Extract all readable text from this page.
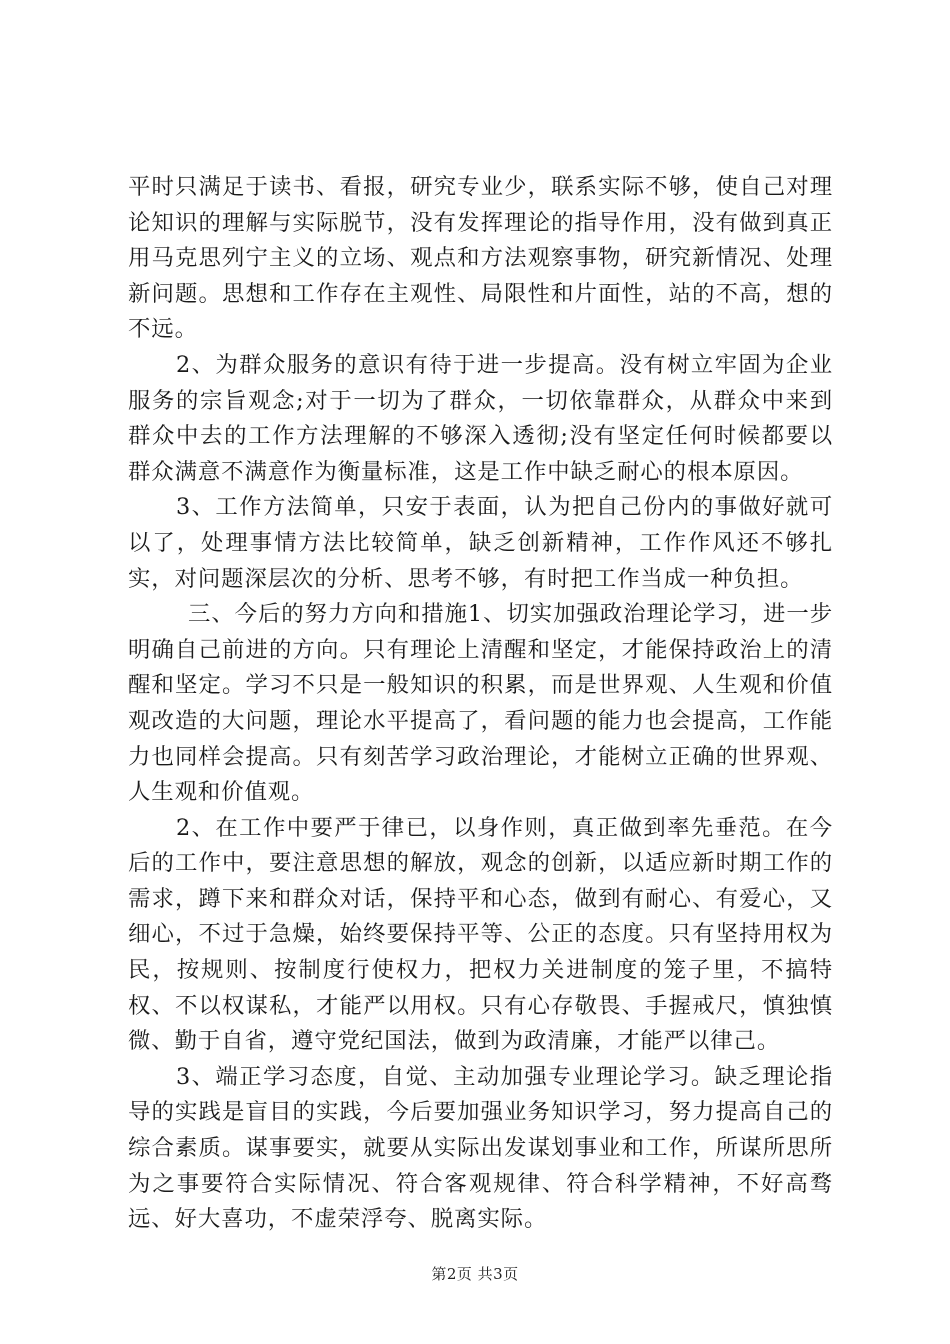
平时只满足于读书、看报，研究专业少，联系实际不够，使自己对理论知识的理解与实际脱节，没有发挥理论的指导作用，没有做到真正用马克思列宁主义的立场、观点和方法观察事物，研究新情况、处理新问题。思想和工作存在主观性、局限性和片面性，站的不高，想的不远。

2、为群众服务的意识有待于进一步提高。没有树立牢固为企业服务的宗旨观念;对于一切为了群众，一切依靠群众，从群众中来到群众中去的工作方法理解的不够深入透彻;没有坚定任何时候都要以群众满意不满意作为衡量标准，这是工作中缺乏耐心的根本原因。

3、工作方法简单，只安于表面，认为把自己份内的事做好就可以了，处理事情方法比较简单，缺乏创新精神，工作作风还不够扎实，对问题深层次的分析、思考不够，有时把工作当成一种负担。

三、今后的努力方向和措施1、切实加强政治理论学习，进一步明确自己前进的方向。只有理论上清醒和坚定，才能保持政治上的清醒和坚定。学习不只是一般知识的积累，而是世界观、人生观和价值观改造的大问题，理论水平提高了，看问题的能力也会提高，工作能力也同样会提高。只有刻苦学习政治理论，才能树立正确的世界观、人生观和价值观。

2、在工作中要严于律已，以身作则，真正做到率先垂范。在今后的工作中，要注意思想的解放，观念的创新，以适应新时期工作的需求，蹲下来和群众对话，保持平和心态，做到有耐心、有爱心，又细心，不过于急燥，始终要保持平等、公正的态度。只有坚持用权为民，按规则、按制度行使权力，把权力关进制度的笼子里，不搞特权、不以权谋私，才能严以用权。只有心存敬畏、手握戒尺，慎独慎微、勤于自省，遵守党纪国法，做到为政清廉，才能严以律己。

3、端正学习态度，自觉、主动加强专业理论学习。缺乏理论指导的实践是盲目的实践，今后要加强业务知识学习，努力提高自己的综合素质。谋事要实，就要从实际出发谋划事业和工作，所谋所思所为之事要符合实际情况、符合客观规律、符合科学精神，不好高骛远、好大喜功，不虚荣浮夸、脱离实际。

第2页 共3页
